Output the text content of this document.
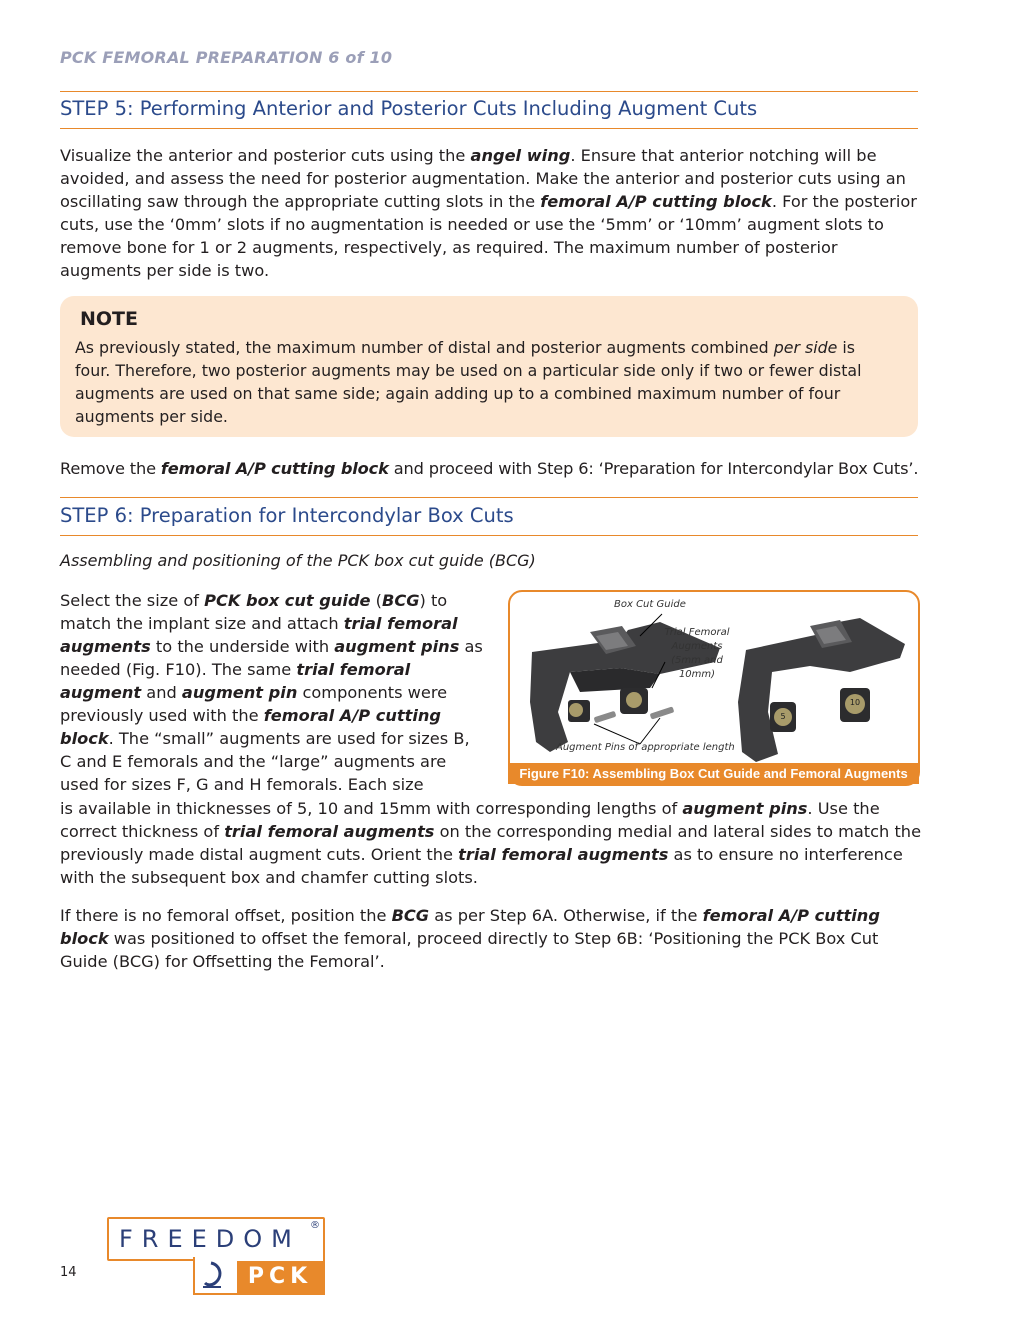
PCK FEMORAL PREPARATION 6 of 10
STEP 5: Performing Anterior and Posterior Cuts Including Augment Cuts
Visualize the anterior and posterior cuts using the angel wing. Ensure that anterior notching will be avoided, and assess the need for posterior augmentation. Make the anterior and posterior cuts using an oscillating saw through the appropriate cutting slots in the femoral A/P cutting block. For the posterior cuts, use the ‘0mm’ slots if no augmentation is needed or use the ‘5mm’ or ‘10mm’ augment slots to remove bone for 1 or 2 augments, respectively, as required. The maximum number of posterior augments per side is two.
NOTE
As previously stated, the maximum number of distal and posterior augments combined per side is four. Therefore, two posterior augments may be used on a particular side only if two or fewer distal augments are used on that same side; again adding up to a combined maximum number of four augments per side.
Remove the femoral A/P cutting block and proceed with Step 6: ‘Preparation for Intercondylar Box Cuts’.
STEP 6: Preparation for Intercondylar Box Cuts
Assembling and positioning of the PCK box cut guide (BCG)
Select the size of PCK box cut guide (BCG) to match the implant size and attach trial femoral augments to the underside with augment pins as needed (Fig. F10). The same trial femoral augment and augment pin components were previously used with the femoral A/P cutting block. The “small” augments are used for sizes B, C and E femorals and the “large” augments are used for sizes F, G and H femorals. Each size
Box Cut Guide
Trial Femoral
Augments
(5mm and
10mm)
Augment Pins of appropriate length
5
10
Figure F10: Assembling Box Cut Guide and Femoral Augments
is available in thicknesses of 5, 10 and 15mm with corresponding lengths of augment pins. Use the correct thickness of trial femoral augments on the corresponding medial and lateral sides to match the previously made distal augment cuts. Orient the trial femoral augments as to ensure no interference with the subsequent box and chamfer cutting slots.
If there is no femoral offset, position the BCG as per Step 6A. Otherwise, if the femoral A/P cutting block was positioned to offset the femoral, proceed directly to Step 6B: ‘Positioning the PCK Box Cut Guide (BCG) for Offsetting the Femoral’.
14
FREEDOM ®
PCK
